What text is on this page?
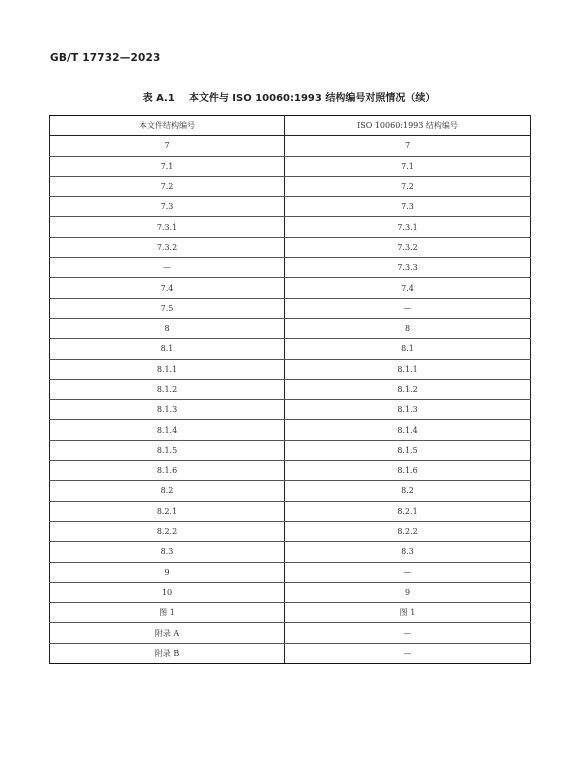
GB/T 17732—2023
表 A.1 本文件与 ISO 10060:1993 结构编号对照情况（续）
本文件结构编号	ISO 10060:1993 结构编号
7	7
7.1	7.1
7.2	7.2
7.3	7.3
7.3.1	7.3.1
7.3.2	7.3.2
—	7.3.3
7.4	7.4
7.5	—
8	8
8.1	8.1
8.1.1	8.1.1
8.1.2	8.1.2
8.1.3	8.1.3
8.1.4	8.1.4
8.1.5	8.1.5
8.1.6	8.1.6
8.2	8.2
8.2.1	8.2.1
8.2.2	8.2.2
8.3	8.3
9	—
10	9
图 1	图 1
附录 A	—
附录 B	—
